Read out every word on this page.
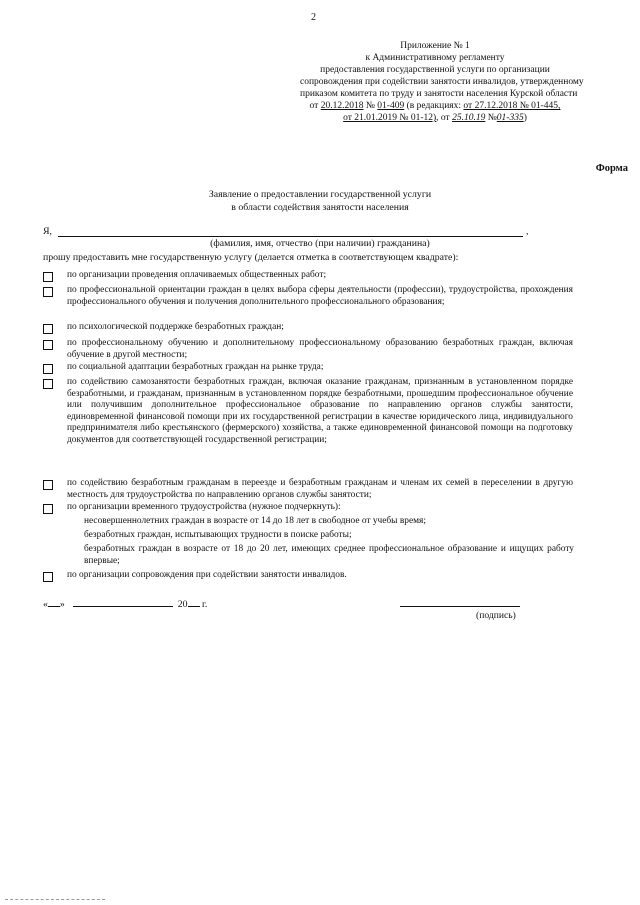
2
Приложение № 1
к Административному регламенту
предоставления государственной услуги по организации
сопровождения при содействии занятости инвалидов, утвержденному
приказом комитета по труду и занятости населения Курской области
от 20.12.2018 № 01-409 (в редакциях: от 27.12.2018 № 01-445,
от 21.01.2019 № 01-12), от 25.10.19 №01-335)
Форма
Заявление о предоставлении государственной услуги
в области содействия занятости населения
Я,	,
(фамилия, имя, отчество (при наличии) гражданина)
прошу предоставить мне государственную услугу (делается отметка в соответствующем квадрате):
по организации проведения оплачиваемых общественных работ;
по профессиональной ориентации граждан в целях выбора сферы деятельности (профессии), трудоустройства, прохождения профессионального обучения и получения дополнительного профессионального образования;
по психологической поддержке безработных граждан;
по профессиональному обучению и дополнительному профессиональному образованию безработных граждан, включая обучение в другой местности;
по социальной адаптации безработных граждан на рынке труда;
по содействию самозанятости безработных граждан, включая оказание гражданам, признанным в установленном порядке безработными, и гражданам, признанным в установленном порядке безработными, прошедшим профессиональное обучение или получившим дополнительное профессиональное образование по направлению органов службы занятости, единовременной финансовой помощи при их государственной регистрации в качестве юридического лица, индивидуального предпринимателя либо крестьянского (фермерского) хозяйства, а также единовременной финансовой помощи на подготовку документов для соответствующей государственной регистрации;
по содействию безработным гражданам в переезде и безработным гражданам и членам их семей в переселении в другую местность для трудоустройства по направлению органов службы занятости;
по организации временного трудоустройства (нужное подчеркнуть):
несовершеннолетних граждан в возрасте от 14 до 18 лет в свободное от учебы время;
безработных граждан, испытывающих трудности в поиске работы;
безработных граждан в возрасте от 18 до 20 лет, имеющих среднее профессиональное образование и ищущих работу впервые;
по организации сопровождения при содействии занятости инвалидов.
« »	20 г.
(подпись)
